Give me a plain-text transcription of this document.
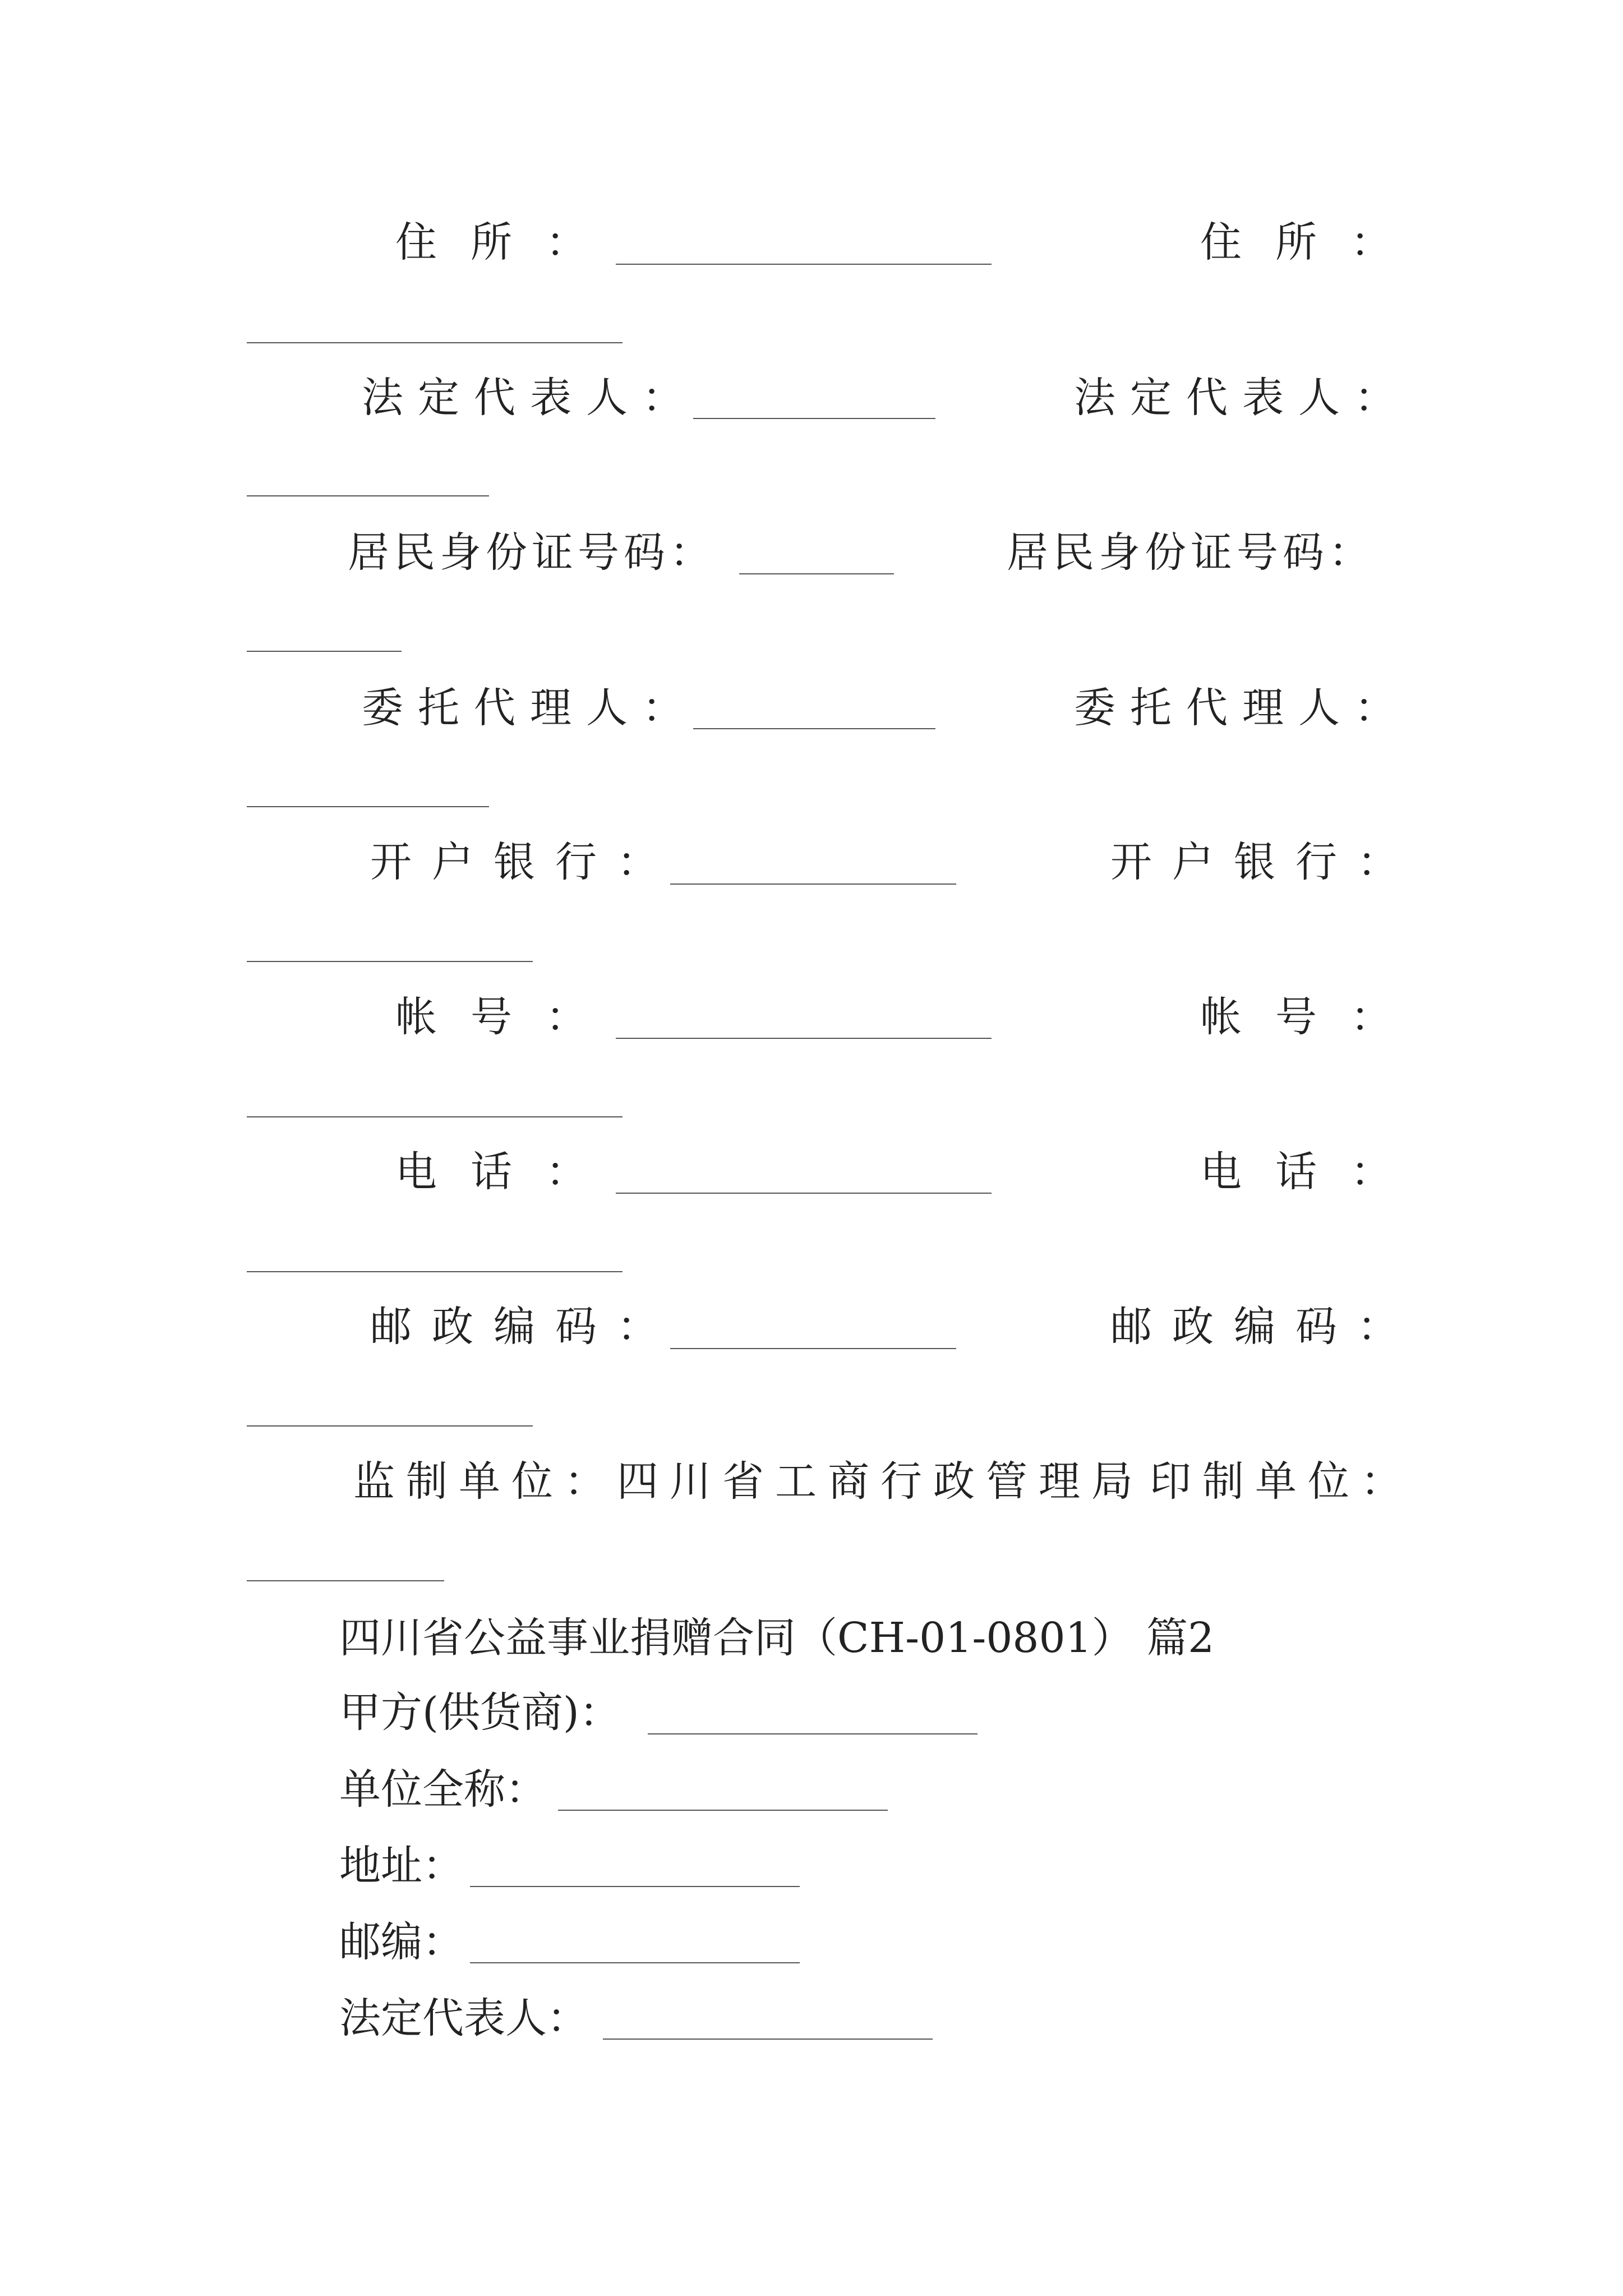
住所：	住所：
法定代表人：	法定代表人：
居民身份证号码：	居民身份证号码：
委托代理人：	委托代理人：
开户银行：	开户银行：
帐号：	帐号：
电话：	电话：
邮政编码：	邮政编码：
监制单位：四川省工商行政管理局 印制单位：
四川省公益事业捐赠合同（CH-01-0801） 篇2
甲方(供货商)：
单位全称：
地址：
邮编：
法定代表人：
